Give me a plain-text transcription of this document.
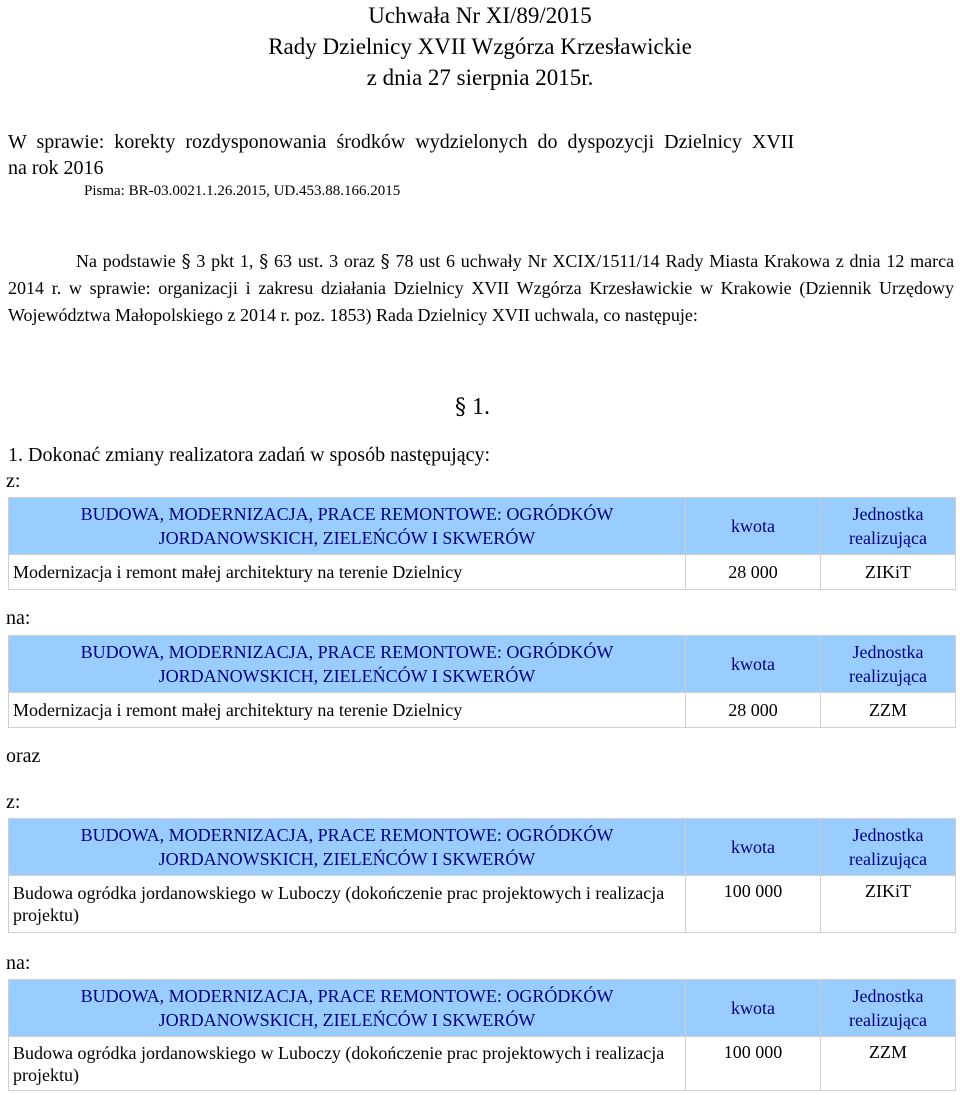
Uchwała Nr XI/89/2015
Rady Dzielnicy XVII Wzgórza Krzesławickie
z dnia 27 sierpnia 2015r.
W  sprawie:  korekty  rozdysponowania  środków  wydzielonych  do  dyspozycji  Dzielnicy  XVII
na rok 2016
Pisma: BR-03.0021.1.26.2015, UD.453.88.166.2015
Na podstawie § 3 pkt 1, § 63 ust. 3 oraz § 78 ust 6 uchwały Nr XCIX/1511/14 Rady Miasta Krakowa z dnia 12 marca 2014 r. w sprawie: organizacji i zakresu działania Dzielnicy XVII Wzgórza Krzesławickie w Krakowie (Dziennik Urzędowy Województwa Małopolskiego z 2014 r. poz. 1853) Rada Dzielnicy XVII uchwala, co następuje:
§ 1.
1. Dokonać zmiany realizatora zadań w sposób następujący:
z:
BUDOWA, MODERNIZACJA, PRACE REMONTOWE: OGRÓDKÓW
JORDANOWSKICH, ZIELEŃCÓW I SKWERÓW	kwota	Jednostka
realizująca
Modernizacja i remont małej architektury na terenie Dzielnicy	28 000	ZIKiT
na:
BUDOWA, MODERNIZACJA, PRACE REMONTOWE: OGRÓDKÓW
JORDANOWSKICH, ZIELEŃCÓW I SKWERÓW	kwota	Jednostka
realizująca
Modernizacja i remont małej architektury na terenie Dzielnicy	28 000	ZZM
oraz
z:
BUDOWA, MODERNIZACJA, PRACE REMONTOWE: OGRÓDKÓW
JORDANOWSKICH, ZIELEŃCÓW I SKWERÓW	kwota	Jednostka
realizująca
Budowa ogródka jordanowskiego w Luboczy (dokończenie prac projektowych i realizacja projektu)	100 000	ZIKiT
na:
BUDOWA, MODERNIZACJA, PRACE REMONTOWE: OGRÓDKÓW
JORDANOWSKICH, ZIELEŃCÓW I SKWERÓW	kwota	Jednostka
realizująca
Budowa ogródka jordanowskiego w Luboczy (dokończenie prac projektowych i realizacja projektu)	100 000	ZZM
